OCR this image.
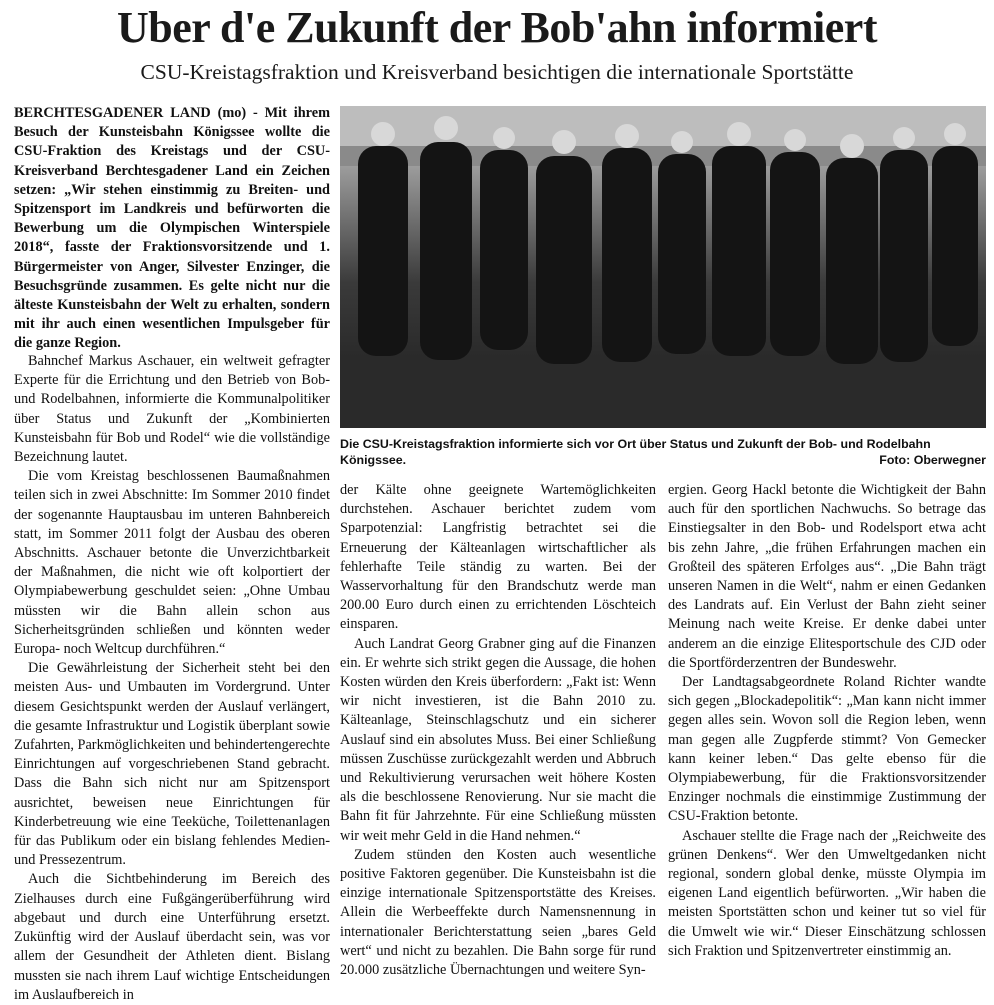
Uber d'e Zukunft der Bob'ahn informiert
CSU-Kreistagsfraktion und Kreisverband besichtigen die internationale Sportstätte

BERCHTESGADENER LAND (mo) - Mit ihrem Besuch der Kunsteisbahn Königssee wollte die CSU-Fraktion des Kreistags und der CSU-Kreisverband Berchtesgadener Land ein Zeichen setzen: „Wir stehen einstimmig zu Breiten- und Spitzensport im Landkreis und befürworten die Bewerbung um die Olympischen Winterspiele 2018“, fasste der Fraktionsvorsitzende und 1. Bürgermeister von Anger, Silvester Enzinger, die Besuchsgründe zusammen. Es gelte nicht nur die älteste Kunsteisbahn der Welt zu erhalten, sondern mit ihr auch einen wesentlichen Impulsgeber für die ganze Region.

Die CSU-Kreistagsfraktion informierte sich vor Ort über Status und Zukunft der Bob- und Rodelbahn Königssee.	Foto: Oberwegner

Bahnchef Markus Aschauer, ein weltweit gefragter Experte für die Errichtung und den Betrieb von Bob- und Rodelbahnen, informierte die Kommunalpolitiker über Status und Zukunft der „Kombinierten Kunsteisbahn für Bob und Rodel“ wie die vollständige Bezeichnung lautet.

Die vom Kreistag beschlossenen Baumaßnahmen teilen sich in zwei Abschnitte: Im Sommer 2010 findet der sogenannte Hauptausbau im unteren Bahnbereich statt, im Sommer 2011 folgt der Ausbau des oberen Abschnitts. Aschauer betonte die Unverzichtbarkeit der Maßnahmen, die nicht wie oft kolportiert der Olympiabewerbung geschuldet seien: „Ohne Umbau müssten wir die Bahn allein schon aus Sicherheitsgründen schließen und könnten weder Europa- noch Weltcup durchführen.“

Die Gewährleistung der Sicherheit steht bei den meisten Aus- und Umbauten im Vordergrund. Unter diesem Gesichtspunkt werden der Auslauf verlängert, die gesamte Infrastruktur und Logistik überplant sowie Zufahrten, Parkmöglichkeiten und behindertengerechte Einrichtungen auf vorgeschriebenen Stand gebracht. Dass die Bahn sich nicht nur am Spitzensport ausrichtet, beweisen neue Einrichtungen für Kinderbetreuung wie eine Teeküche, Toilettenanlagen für das Publikum oder ein bislang fehlendes Medien- und Pressezentrum.

Auch die Sichtbehinderung im Bereich des Zielhauses durch eine Fußgängerüberführung wird abgebaut und durch eine Unterführung ersetzt. Zukünftig wird der Auslauf überdacht sein, was vor allem der Gesundheit der Athleten dient. Bislang mussten sie nach ihrem Lauf wichtige Entscheidungen im Auslaufbereich in

der Kälte ohne geeignete Wartemöglichkeiten durchstehen. Aschauer berichtet zudem vom Sparpotenzial: Langfristig betrachtet sei die Erneuerung der Kälteanlagen wirtschaftlicher als fehlerhafte Teile ständig zu warten. Bei der Wasservorhaltung für den Brandschutz werde man 200.00 Euro durch einen zu errichtenden Löschteich einsparen.

Auch Landrat Georg Grabner ging auf die Finanzen ein. Er wehrte sich strikt gegen die Aussage, die hohen Kosten würden den Kreis überfordern: „Fakt ist: Wenn wir nicht investieren, ist die Bahn 2010 zu. Kälteanlage, Steinschlagschutz und ein sicherer Auslauf sind ein absolutes Muss. Bei einer Schließung müssen Zuschüsse zurückgezahlt werden und Abbruch und Rekultivierung verursachen weit höhere Kosten als die beschlossene Renovierung. Nur sie macht die Bahn fit für Jahrzehnte. Für eine Schließung müssten wir weit mehr Geld in die Hand nehmen.“

Zudem stünden den Kosten auch wesentliche positive Faktoren gegenüber. Die Kunsteisbahn ist die einzige internationale Spitzensportstätte des Kreises. Allein die Werbeeffekte durch Namensnennung in internationaler Berichterstattung seien „bares Geld wert“ und nicht zu bezahlen. Die Bahn sorge für rund 20.000 zusätzliche Übernachtungen und weitere Syn-

ergien. Georg Hackl betonte die Wichtigkeit der Bahn auch für den sportlichen Nachwuchs. So betrage das Einstiegsalter in den Bob- und Rodelsport etwa acht bis zehn Jahre, „die frühen Erfahrungen machen ein Großteil des späteren Erfolges aus“. „Die Bahn trägt unseren Namen in die Welt“, nahm er einen Gedanken des Landrats auf. Ein Verlust der Bahn zieht seiner Meinung nach weite Kreise. Er denke dabei unter anderem an die einzige Elitesportschule des CJD oder die Sportförderzentren der Bundeswehr.

Der Landtagsabgeordnete Roland Richter wandte sich gegen „Blockadepolitik“: „Man kann nicht immer gegen alles sein. Wovon soll die Region leben, wenn man gegen alle Zugpferde stimmt? Von Gemecker kann keiner leben.“ Das gelte ebenso für die Olympiabewerbung, für die Fraktionsvorsitzender Enzinger nochmals die einstimmige Zustimmung der CSU-Fraktion betonte.

Aschauer stellte die Frage nach der „Reichweite des grünen Denkens“. Wer den Umweltgedanken nicht regional, sondern global denke, müsste Olympia im eigenen Land eigentlich befürworten. „Wir haben die meisten Sportstätten schon und keiner tut so viel für die Umwelt wie wir.“ Dieser Einschätzung schlossen sich Fraktion und Spitzenvertreter einstimmig an.
